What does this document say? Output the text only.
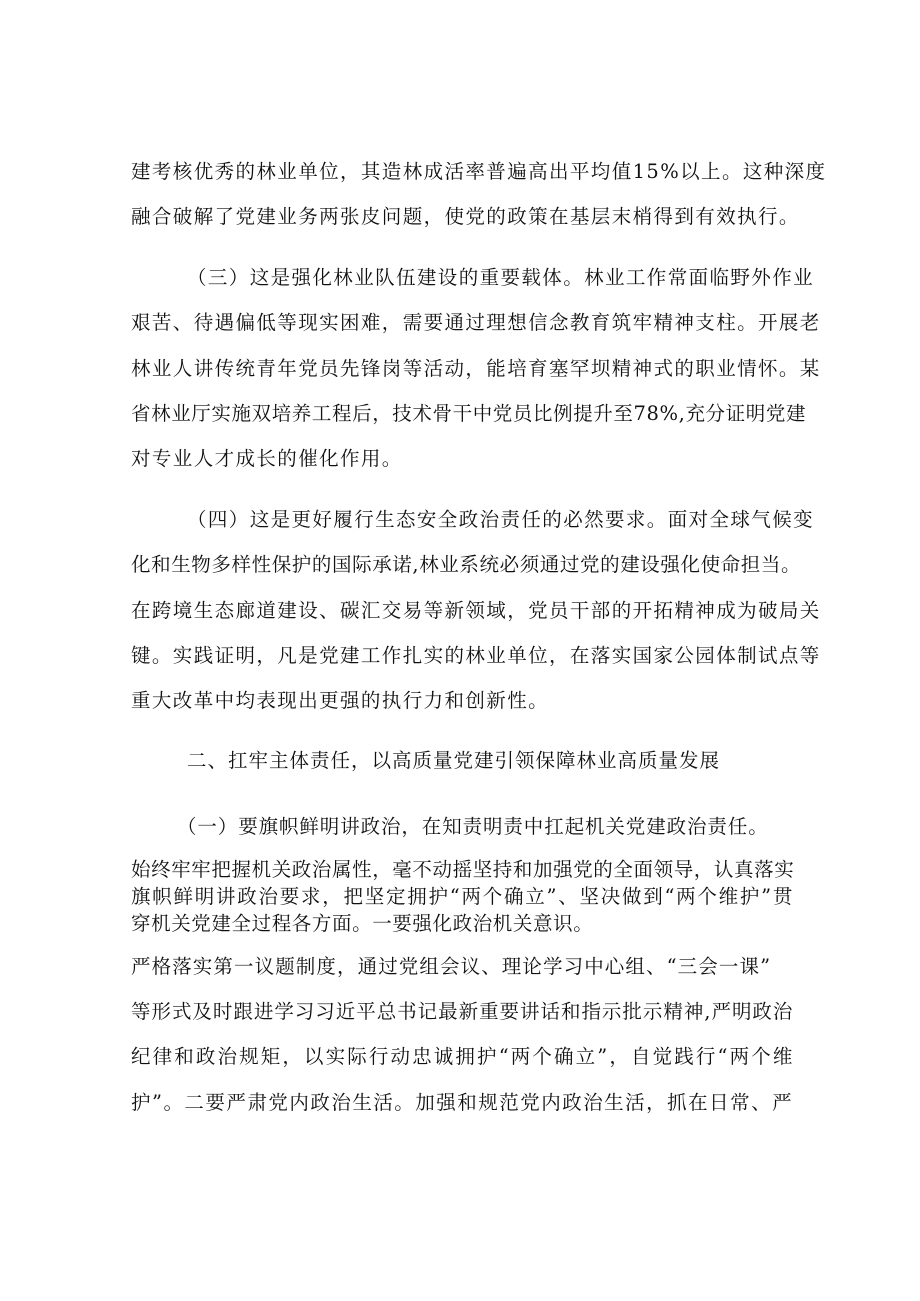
建考核优秀的林业单位，其造林成活率普遍高出平均值15%以上。这种深度
融合破解了党建业务两张皮问题，使党的政策在基层末梢得到有效执行。
（三）这是强化林业队伍建设的重要载体。林业工作常面临野外作业
艰苦、待遇偏低等现实困难，需要通过理想信念教育筑牢精神支柱。开展老
林业人讲传统青年党员先锋岗等活动，能培育塞罕坝精神式的职业情怀。某
省林业厅实施双培养工程后，技术骨干中党员比例提升至78%,充分证明党建
对专业人才成长的催化作用。
（四）这是更好履行生态安全政治责任的必然要求。面对全球气候变
化和生物多样性保护的国际承诺,林业系统必须通过党的建设强化使命担当。
在跨境生态廊道建设、碳汇交易等新领域，党员干部的开拓精神成为破局关
键。实践证明，凡是党建工作扎实的林业单位，在落实国家公园体制试点等
重大改革中均表现出更强的执行力和创新性。
二、扛牢主体责任，以高质量党建引领保障林业高质量发展
（一）要旗帜鲜明讲政治，在知责明责中扛起机关党建政治责任。
始终牢牢把握机关政治属性，毫不动摇坚持和加强党的全面领导，认真落实
旗帜鲜明讲政治要求，把坚定拥护“两个确立”、坚决做到“两个维护”贯
穿机关党建全过程各方面。一要强化政治机关意识。
严格落实第一议题制度，通过党组会议、理论学习中心组、“三会一课”
等形式及时跟进学习习近平总书记最新重要讲话和指示批示精神,严明政治
纪律和政治规矩，以实际行动忠诚拥护“两个确立”，自觉践行“两个维
护”。二要严肃党内政治生活。加强和规范党内政治生活，抓在日常、严
